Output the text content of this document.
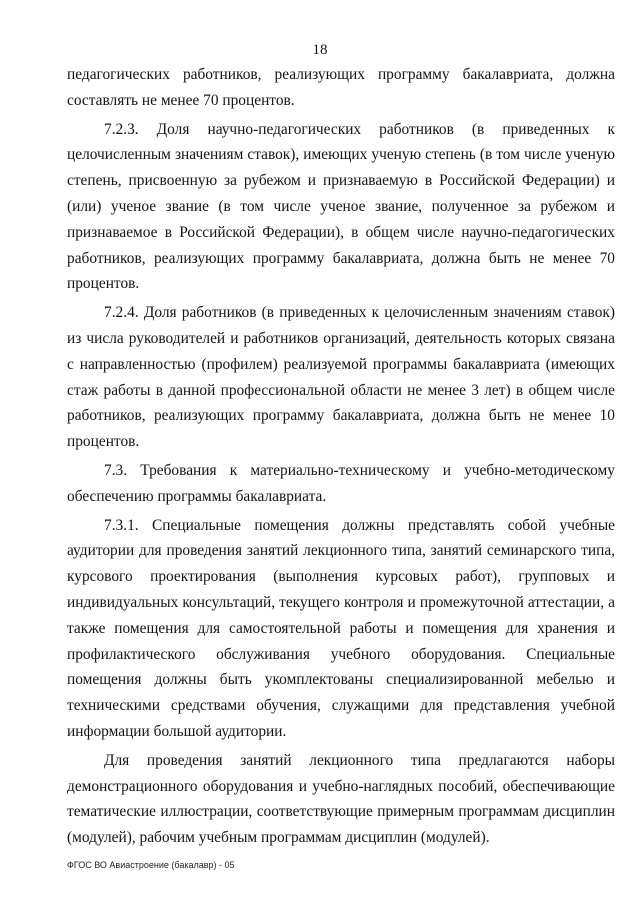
18

педагогических работников, реализующих программу бакалавриата, должна составлять не менее 70 процентов.

7.2.3. Доля научно-педагогических работников (в приведенных к целочисленным значениям ставок), имеющих ученую степень (в том числе ученую степень, присвоенную за рубежом и признаваемую в Российской Федерации) и (или) ученое звание (в том числе ученое звание, полученное за рубежом и признаваемое в Российской Федерации), в общем числе научно-педагогических работников, реализующих программу бакалавриата, должна быть не менее 70 процентов.

7.2.4. Доля работников (в приведенных к целочисленным значениям ставок) из числа руководителей и работников организаций, деятельность которых связана с направленностью (профилем) реализуемой программы бакалавриата (имеющих стаж работы в данной профессиональной области не менее 3 лет) в общем числе работников, реализующих программу бакалавриата, должна быть не менее 10 процентов.

7.3. Требования к материально-техническому и учебно-методическому обеспечению программы бакалавриата.

7.3.1. Специальные помещения должны представлять собой учебные аудитории для проведения занятий лекционного типа, занятий семинарского типа, курсового проектирования (выполнения курсовых работ), групповых и индивидуальных консультаций, текущего контроля и промежуточной аттестации, а также помещения для самостоятельной работы и помещения для хранения и профилактического обслуживания учебного оборудования. Специальные помещения должны быть укомплектованы специализированной мебелью и техническими средствами обучения, служащими для представления учебной информации большой аудитории.

Для проведения занятий лекционного типа предлагаются наборы демонстрационного оборудования и учебно-наглядных пособий, обеспечивающие тематические иллюстрации, соответствующие примерным программам дисциплин (модулей), рабочим учебным программам дисциплин (модулей).

ФГОС ВО Авиастроение (бакалавр) - 05
